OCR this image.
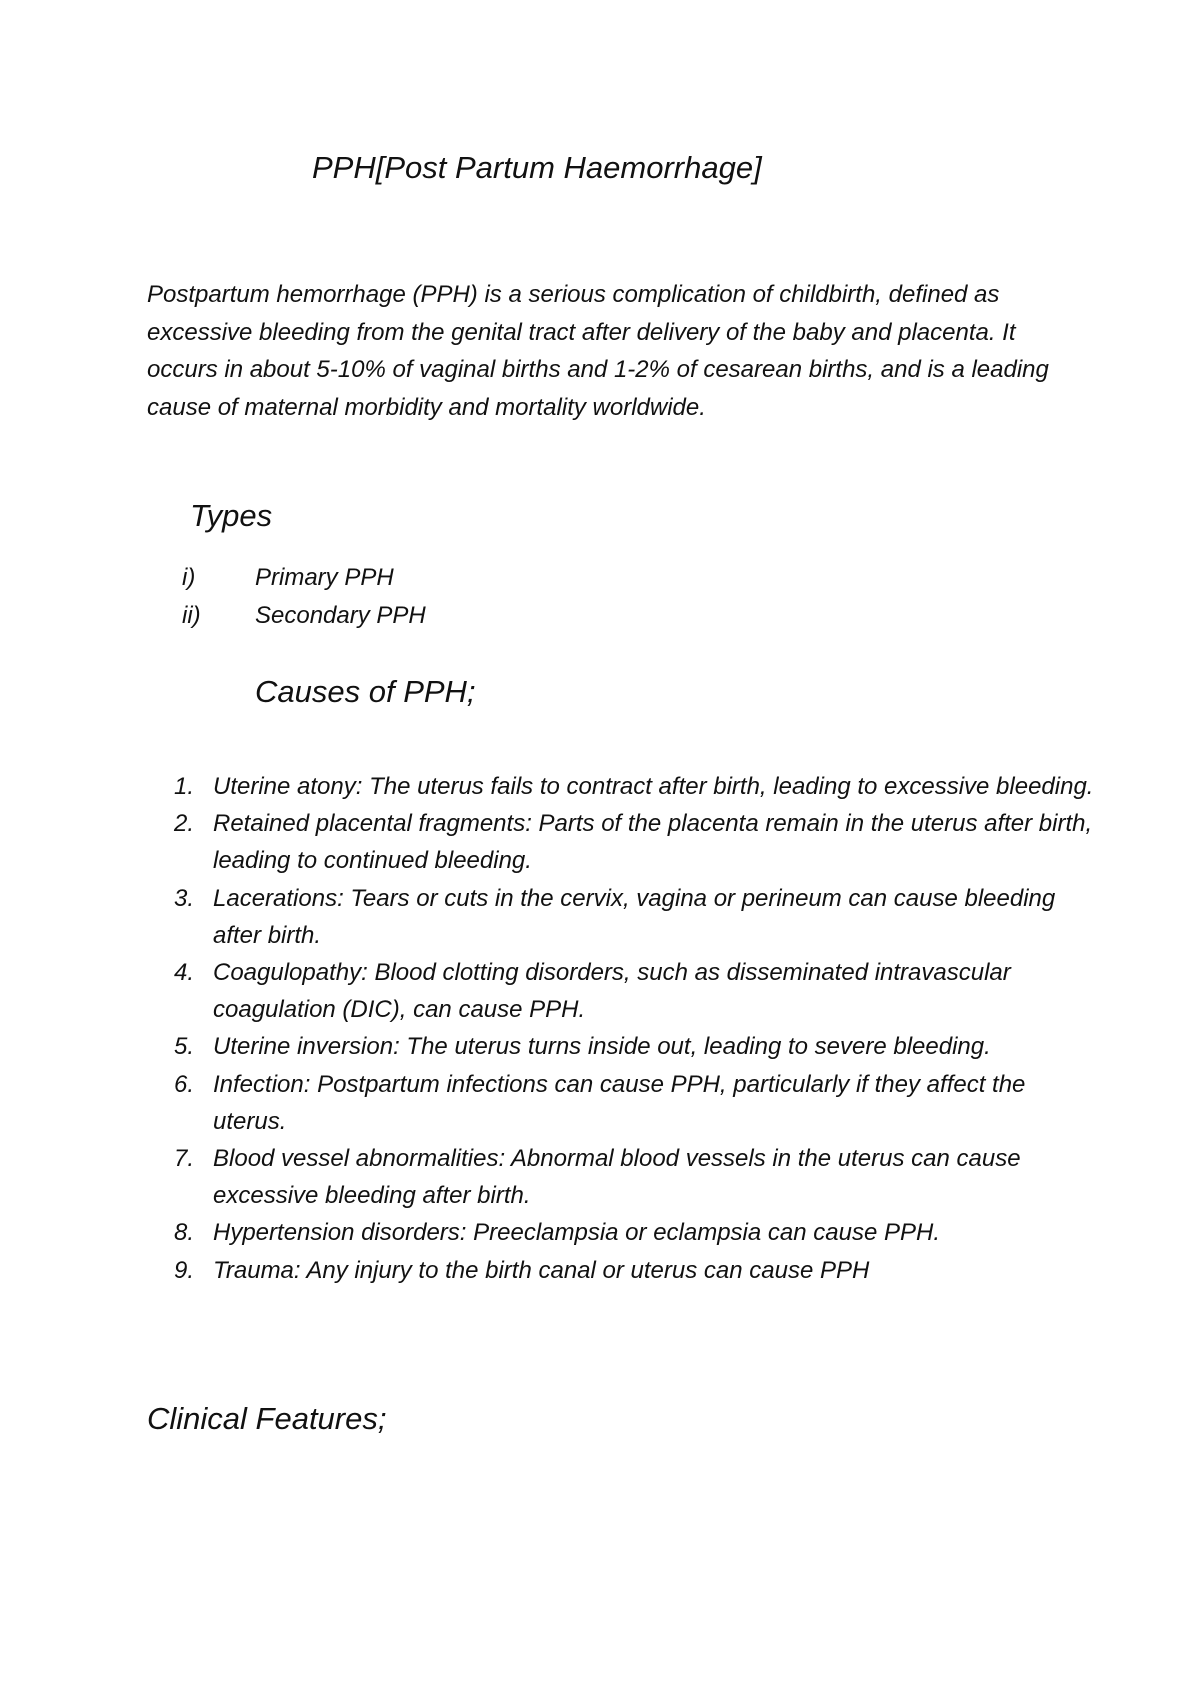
PPH[Post Partum Haemorrhage]
Postpartum hemorrhage (PPH) is a serious complication of childbirth, defined as excessive bleeding from the genital tract after delivery of the baby and placenta. It occurs in about 5-10% of vaginal births and 1-2% of cesarean births, and is a leading cause of maternal morbidity and mortality worldwide.
Types
i) Primary PPH
ii) Secondary PPH
Causes of PPH;
1. Uterine atony: The uterus fails to contract after birth, leading to excessive bleeding.
2. Retained placental fragments: Parts of the placenta remain in the uterus after birth, leading to continued bleeding.
3. Lacerations: Tears or cuts in the cervix, vagina or perineum can cause bleeding after birth.
4. Coagulopathy: Blood clotting disorders, such as disseminated intravascular coagulation (DIC), can cause PPH.
5. Uterine inversion: The uterus turns inside out, leading to severe bleeding.
6. Infection: Postpartum infections can cause PPH, particularly if they affect the uterus.
7. Blood vessel abnormalities: Abnormal blood vessels in the uterus can cause excessive bleeding after birth.
8. Hypertension disorders: Preeclampsia or eclampsia can cause PPH.
9. Trauma: Any injury to the birth canal or uterus can cause PPH
Clinical Features;
